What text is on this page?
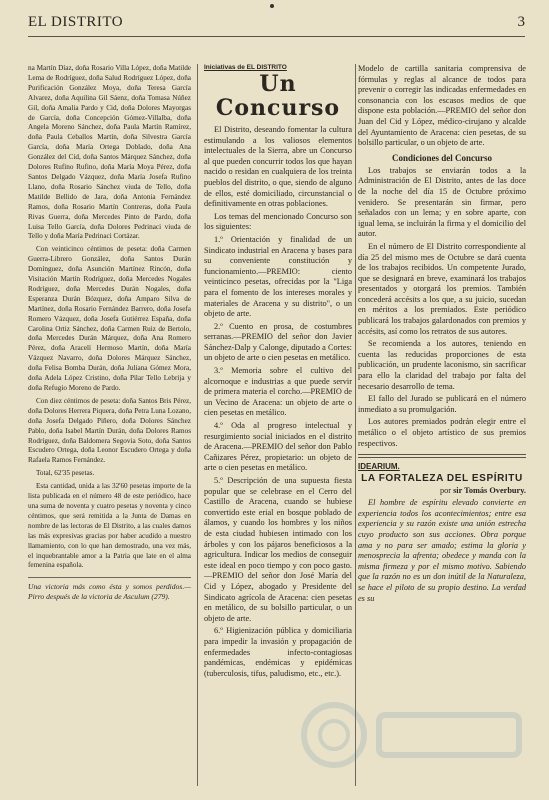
EL DISTRITO	3

na Martín Díaz, doña Rosario Villa López, doña Matilde Lema de Rodríguez, doña Salud Rodríguez López, doña Purificación González Moya, doña Teresa García Alvarez, doña Aquilina Gil Sáenz, doña Tomasa Núñez Gil, doña Amalia Pardo y Cid, doña Dolores Mayorgas de García, doña Concepción Gómez-Villalba, doña Angela Moreno Sánchez, doña Paula Martín Ramírez, doña Paula Ceballos Martín, doña Silvestra García García, doña María Ortega Doblado, doña Ana González del Cid, doña Santos Márquez Sánchez, doña Dolores Rufino Rufino, doña María Moya Pérez, doña Santos Delgado Vázquez, doña María Josefa Rufino Llano, doña Rosario Sánchez viuda de Tello, doña Matilde Bellido de Jara, doña Antonia Fernández Ramos, doña Rosario Martín Contreras, doña Paula Rivas Guerra, doña Mercedes Pinto de Pardo, doña Luisa Tello García, doña Dolores Pedrinaci viuda de Tello y doña María Pedrinaci Cortázar.

Con veinticinco céntimos de peseta: doña Carmen Guerra-Librero González, doña Santos Durán Domínguez, doña Asunción Martínez Rincón, doña Visitación Martín Rodríguez, doña Mercedes Nogales Rodríguez, doña Mercedes Durán Nogales, doña Esperanza Durán Bózquez, doña Amparo Silva de Martínez, doña Rosario Fernández Barrero, doña Josefa Romero Vázquez, doña Josefa Gutiérrez España, doña Carolina Ortiz Sánchez, doña Carmen Ruiz de Bertolo, doña Mercedes Durán Márquez, doña Ana Romero Pérez, doña Aracelí Hermoso Martín, doña María Vázquez Navarro, doña Dolores Márquez Sánchez, doña Felisa Bomba Durán, doña Juliana Gómez Mora, doña Adela López Cristino, doña Pilar Tello Lebrija y doña Refugio Moreno de Pardo.

Con diez céntimos de peseta: doña Santos Bris Pérez, doña Dolores Herrera Piquera, doña Petra Luna Lozano, doña Josefa Delgado Piñero, doña Dolores Sánchez Pablo, doña Isabel Martín Durán, doña Dolores Ramos Rodríguez, doña Baldomera Segovia Soto, doña Santos Escudero Ortega, doña Leonor Escudero Ortega y doña Rafaela Ramos Fernández.

Total, 62'35 pesetas.

Esta cantidad, unida a las 32'60 pesetas importe de la lista publicada en el número 48 de este periódico, hace una suma de noventa y cuatro pesetas y noventa y cinco céntimos, que será remitida a la Junta de Damas en nombre de las lectoras de El Distrito, a las cuales damos las más expresivas gracias por haber acudido a nuestro llamamiento, con lo que han demostrado, una vez más, el inquebrantable amor a la Patria que late en el alma femenina española.

Una victoria más como ésta y somos perdidos.— Pirro después de la victoria de Asculum (279).

Iniciativas de EL DISTRITO
Un Concurso

El Distrito, deseando fomentar la cultura estimulando a los valiosos elementos intelectuales de la Sierra, abre un Concurso al que pueden concurrir todos los que hayan nacido o residan en cualquiera de los treinta pueblos del distrito, o que, siendo de alguno de ellos, esté domiciliado, circunstancial o definitivamente en otras poblaciones.

Los temas del mencionado Concurso son los siguientes:

1.º Orientación y finalidad de un Sindicato industrial en Aracena y bases para su conveniente constitución y funcionamiento.—PREMIO: ciento veinticinco pesetas, ofrecidas por la "Liga para el fomento de los intereses morales y materiales de Aracena y su distrito", o un objeto de arte.

2.º Cuento en prosa, de costumbres serranas.—PREMIO del señor don Javier Sánchez-Dalp y Calonge, diputado a Cortes: un objeto de arte o cien pesetas en metálico.

3.º Memoria sobre el cultivo del alcornoque e industrias a que puede servir de primera materia el corcho.—PREMIO de un Vecino de Aracena: un objeto de arte o cien pesetas en metálico.

4.º Oda al progreso intelectual y resurgimiento social iniciados en el distrito de Aracena.—PREMIO del señor don Pablo Cañizares Pérez, propietario: un objeto de arte o cien pesetas en metálico.

5.º Descripción de una supuesta fiesta popular que se celebrase en el Cerro del Castillo de Aracena, cuando se hubiese convertido este erial en bosque poblado de álamos, y cuando los hombres y los niños de esta ciudad hubiesen intimado con los árboles y con los pájaros beneficiosos a la agricultura. Indicar los medios de conseguir este ideal en poco tiempo y con poco gasto.—PREMIO del señor don José María del Cid y López, abogado y Presidente del Sindicato agrícola de Aracena: cien pesetas en metálico, de su bolsillo particular, o un objeto de arte.

6.º Higienización pública y domiciliaria para impedir la invasión y propagación de enfermedades infecto-contagiosas pandémicas, endémicas y epidémicas (tuberculosis, tifus, paludismo, etc., etc.).

Modelo de cartilla sanitaria comprensiva de fórmulas y reglas al alcance de todos para prevenir o corregir las indicadas enfermedades en consonancia con los escasos medios de que dispone esta población.—PREMIO del señor don Juan del Cid y López, médico-cirujano y alcalde del Ayuntamiento de Aracena: cien pesetas, de su bolsillo particular, o un objeto de arte.

Condiciones del Concurso

Los trabajos se enviarán todos a la Administración de El Distrito, antes de las doce de la noche del día 15 de Octubre próximo venidero. Se presentarán sin firmar, pero señalados con un lema; y en sobre aparte, con igual lema, se incluirán la firma y el domicilio del autor.

En el número de El Distrito correspondiente al día 25 del mismo mes de Octubre se dará cuenta de los trabajos recibidos. Un competente Jurado, que se designará en breve, examinará los trabajos presentados y otorgará los premios. También concederá accésits a los que, a su juicio, sucedan en méritos a los premiados. Este periódico publicará los trabajos galardonados con premios y accésits, así como los retratos de sus autores.

Se recomienda a los autores, teniendo en cuenta las reducidas proporciones de esta publicación, un prudente laconismo, sin sacrificar para ello la claridad del trabajo por falta del necesario desarrollo de tema.

El fallo del Jurado se publicará en el número inmediato a su promulgación.

Los autores premiados podrán elegir entre el metálico o el objeto artístico de sus premios respectivos.

IDEARIUM.
LA FORTALEZA DEL ESPÍRITU
por sir Tomás Overbury.

El hombre de espíritu elevado convierte en experiencia todos los acontecimientos; entre esa experiencia y su razón existe una unión estrecha cuyo producto son sus acciones. Obra porque ama y no para ser amado; estima la gloria y menosprecia la afrenta; obedece y manda con la misma firmeza y por el mismo motivo. Sabiendo que la razón no es un don inútil de la Naturaleza, se hace el piloto de su propio destino. La verdad es su
